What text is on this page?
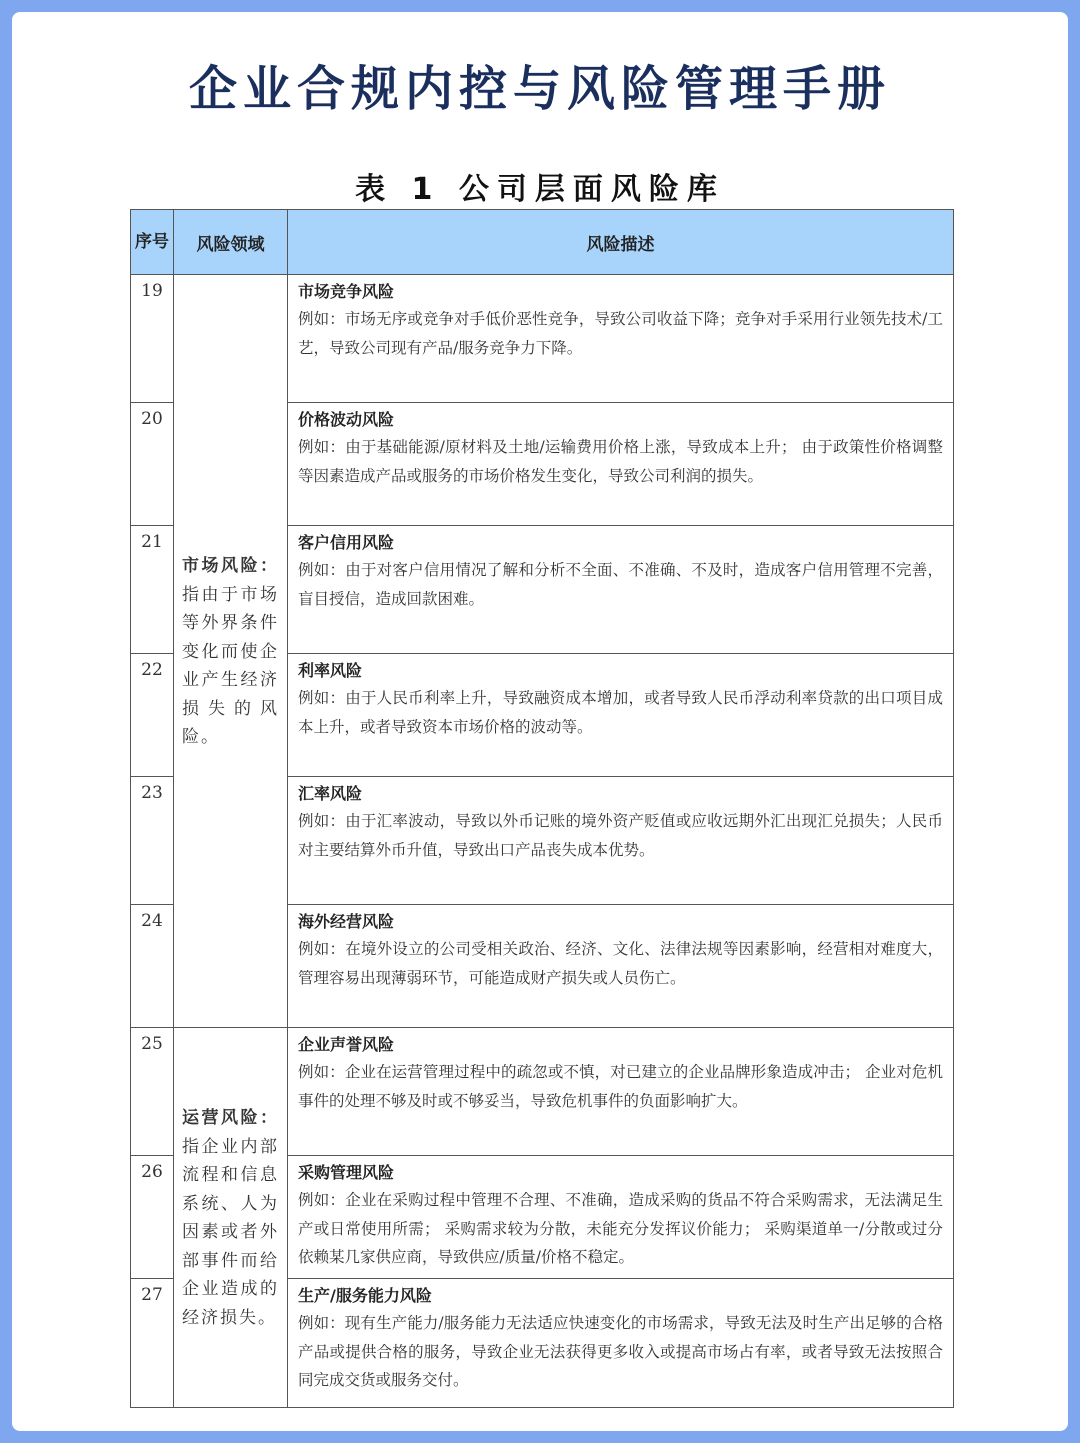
企业合规内控与风险管理手册
表 1 公司层面风险库
序号	风险领域	风险描述
19	市场风险：指由于市场等外界条件变化而使企业产生经济损失的风险。	市场竞争风险
例如：市场无序或竞争对手低价恶性竞争，导致公司收益下降；竞争对手采用行业领先技术/工艺，导致公司现有产品/服务竞争力下降。

20		价格波动风险
例如：由于基础能源/原材料及土地/运输费用价格上涨，导致成本上升； 由于政策性价格调整等因素造成产品或服务的市场价格发生变化，导致公司利润的损失。

21		客户信用风险
例如：由于对客户信用情况了解和分析不全面、不准确、不及时，造成客户信用管理不完善，盲目授信，造成回款困难。

22		利率风险
例如：由于人民币利率上升，导致融资成本增加，或者导致人民币浮动利率贷款的出口项目成本上升，或者导致资本市场价格的波动等。

23		汇率风险
例如：由于汇率波动，导致以外币记账的境外资产贬值或应收远期外汇出现汇兑损失；人民币对主要结算外币升值，导致出口产品丧失成本优势。

24		海外经营风险
例如：在境外设立的公司受相关政治、经济、文化、法律法规等因素影响，经营相对难度大，管理容易出现薄弱环节，可能造成财产损失或人员伤亡。

25	运营风险：指企业内部流程和信息系统、人为因素或者外部事件而给企业造成的经济损失。	企业声誉风险
例如：企业在运营管理过程中的疏忽或不慎，对已建立的企业品牌形象造成冲击； 企业对危机事件的处理不够及时或不够妥当，导致危机事件的负面影响扩大。

26		采购管理风险
例如：企业在采购过程中管理不合理、不准确，造成采购的货品不符合采购需求，无法满足生产或日常使用所需； 采购需求较为分散，未能充分发挥议价能力； 采购渠道单一/分散或过分依赖某几家供应商，导致供应/质量/价格不稳定。

27		生产/服务能力风险
例如：现有生产能力/服务能力无法适应快速变化的市场需求，导致无法及时生产出足够的合格产品或提供合格的服务，导致企业无法获得更多收入或提高市场占有率，或者导致无法按照合同完成交货或服务交付。
